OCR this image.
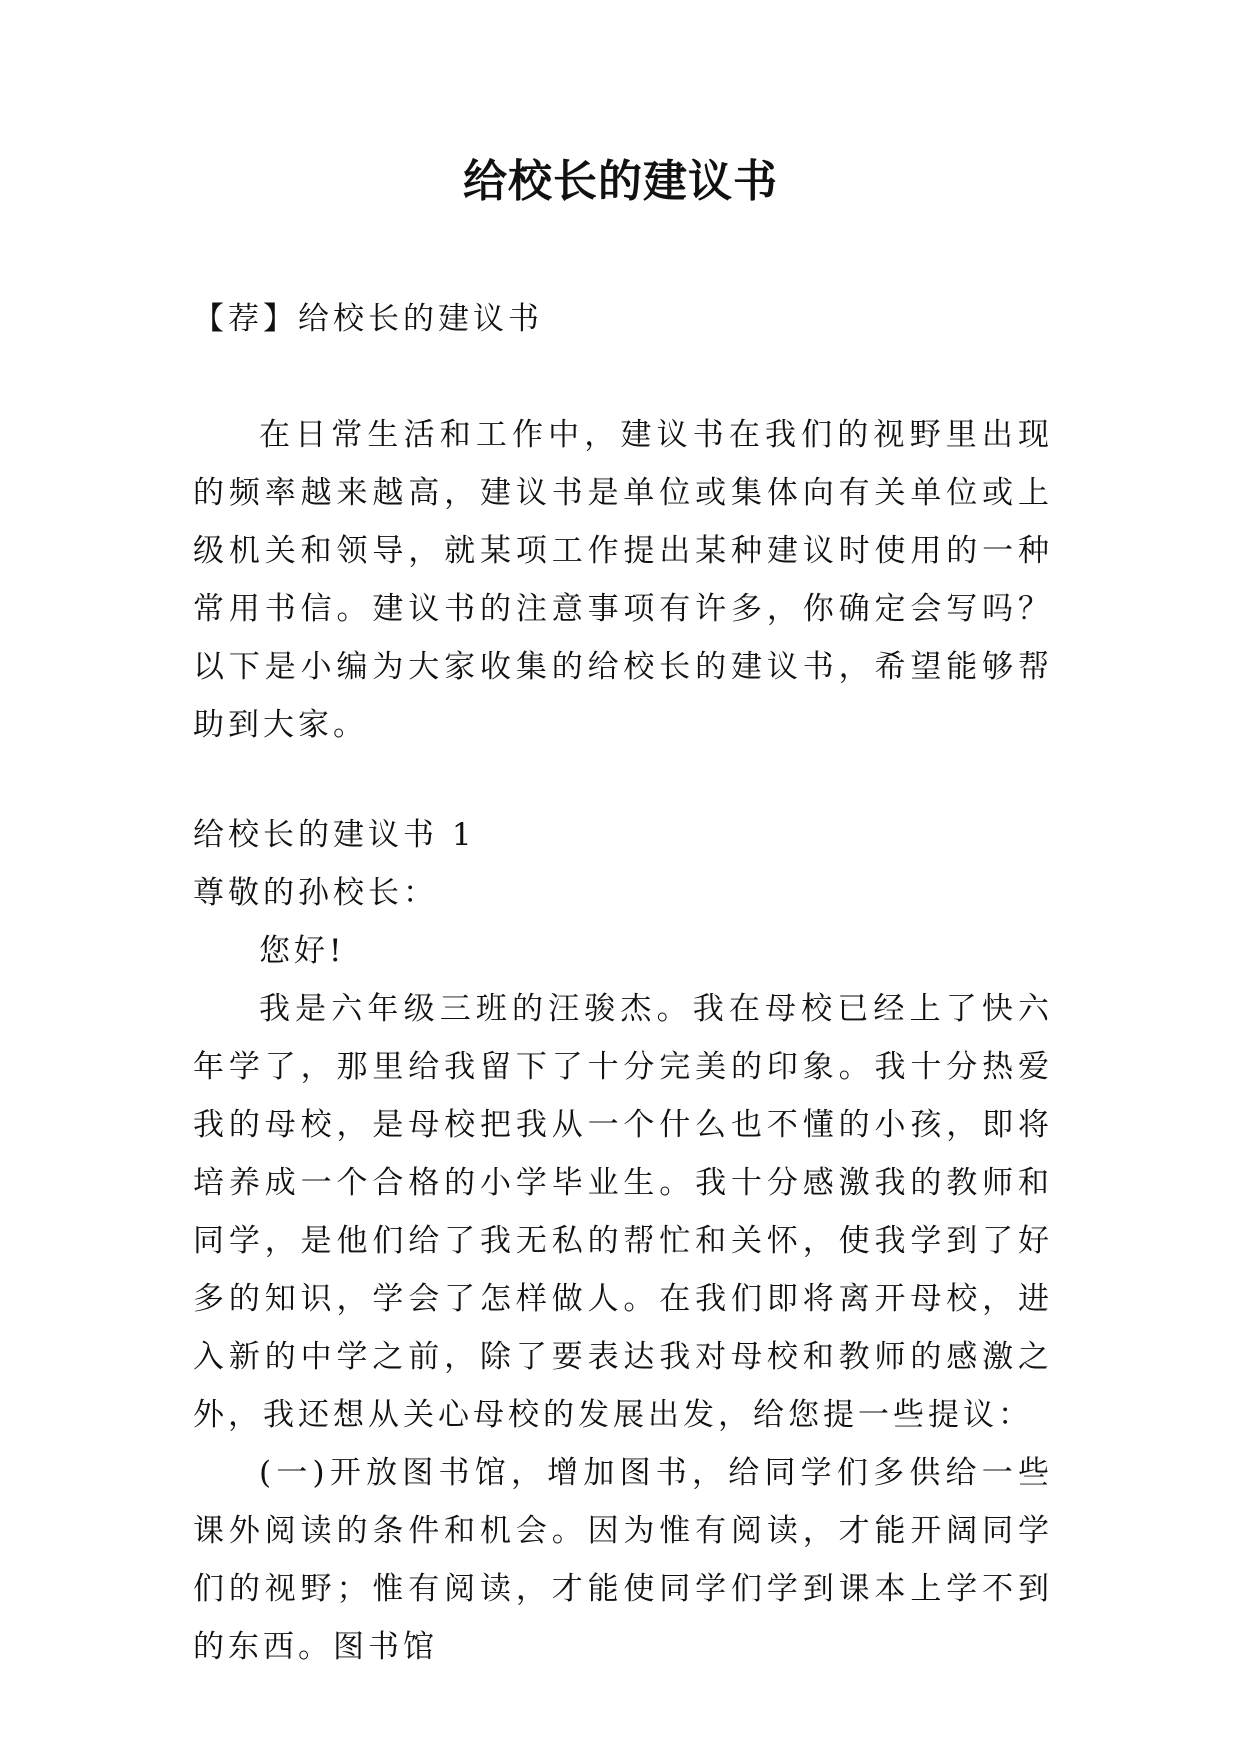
给校长的建议书

【荐】给校长的建议书

在日常生活和工作中，建议书在我们的视野里出现的频率越来越高，建议书是单位或集体向有关单位或上级机关和领导，就某项工作提出某种建议时使用的一种常用书信。建议书的注意事项有许多，你确定会写吗？以下是小编为大家收集的给校长的建议书，希望能够帮助到大家。

给校长的建议书 1

尊敬的孙校长：

您好!

我是六年级三班的汪骏杰。我在母校已经上了快六年学了，那里给我留下了十分完美的印象。我十分热爱我的母校，是母校把我从一个什么也不懂的小孩，即将培养成一个合格的小学毕业生。我十分感激我的教师和同学，是他们给了我无私的帮忙和关怀，使我学到了好多的知识，学会了怎样做人。在我们即将离开母校，进入新的中学之前，除了要表达我对母校和教师的感激之外，我还想从关心母校的发展出发，给您提一些提议：

(一)开放图书馆，增加图书，给同学们多供给一些课外阅读的条件和机会。因为惟有阅读，才能开阔同学们的视野；惟有阅读，才能使同学们学到课本上学不到的东西。图书馆
